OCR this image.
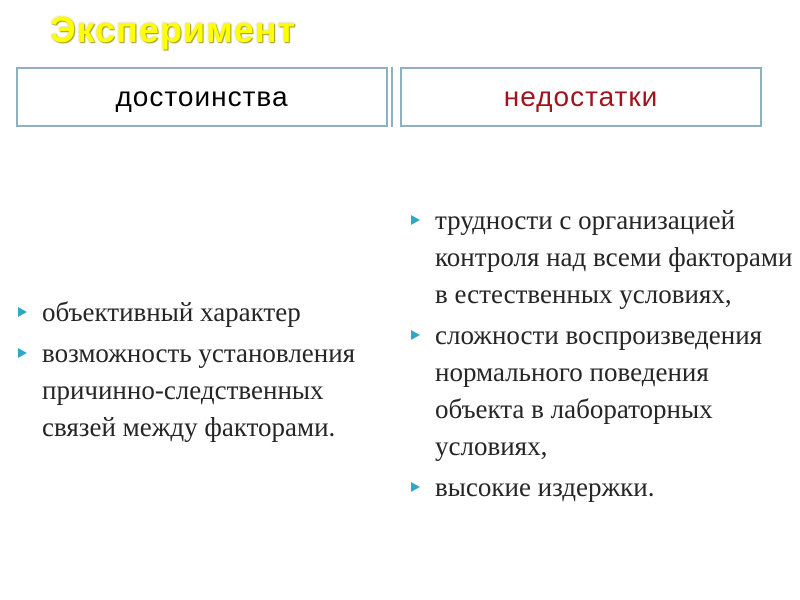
Эксперимент
достоинства	недостатки
объективный характер
возможность установления причинно-следственных связей между факторами.
трудности с организацией контроля над всеми факторами в естественных условиях,
сложности воспроизведения нормального поведения объекта в лабораторных условиях,
высокие издержки.
